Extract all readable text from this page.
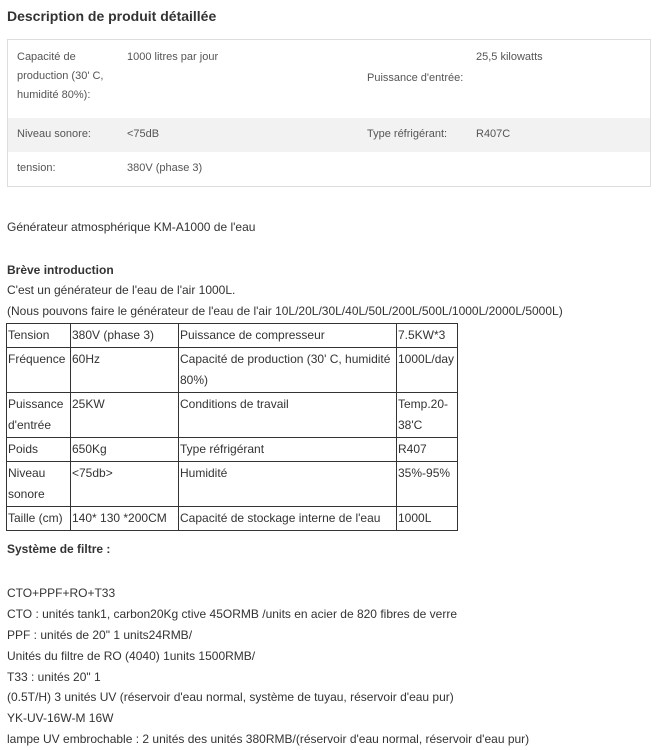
Description de produit détaillée
Capacité de production (30' C, humidité 80%):
1000 litres par jour
Puissance d'entrée:
25,5 kilowatts
Niveau sonore:	<75dB	Type réfrigérant:	R407C
tension:	380V (phase 3)
Générateur atmosphérique KM-A1000 de l'eau
Brève introduction
C'est un générateur de l'eau de l'air 1000L.
(Nous pouvons faire le générateur de l'eau de l'air 10L/20L/30L/40L/50L/200L/500L/1000L/2000L/5000L)
Tension	380V (phase 3)	Puissance de compresseur	7.5KW*3
Fréquence	60Hz	Capacité de production (30' C, humidité 80%)	1000L/day
Puissance d'entrée	25KW	Conditions de travail	Temp.20-38'C
Poids	650Kg	Type réfrigérant	R407
Niveau sonore	<75db>	Humidité	35%-95%
Taille (cm)	140* 130 *200CM	Capacité de stockage interne de l'eau	1000L
Système de filtre :
CTO+PPF+RO+T33
CTO : unités tank1, carbon20Kg ctive 45ORMB /units en acier de 820 fibres de verre
PPF : unités de 20" 1 units24RMB/
Unités du filtre de RO (4040) 1units 1500RMB/
T33 : unités 20" 1
(0.5T/H) 3 unités UV (réservoir d'eau normal, système de tuyau, réservoir d'eau pur)
YK-UV-16W-M 16W
lampe UV embrochable : 2 unités des unités 380RMB/(réservoir d'eau normal, réservoir d'eau pur)
